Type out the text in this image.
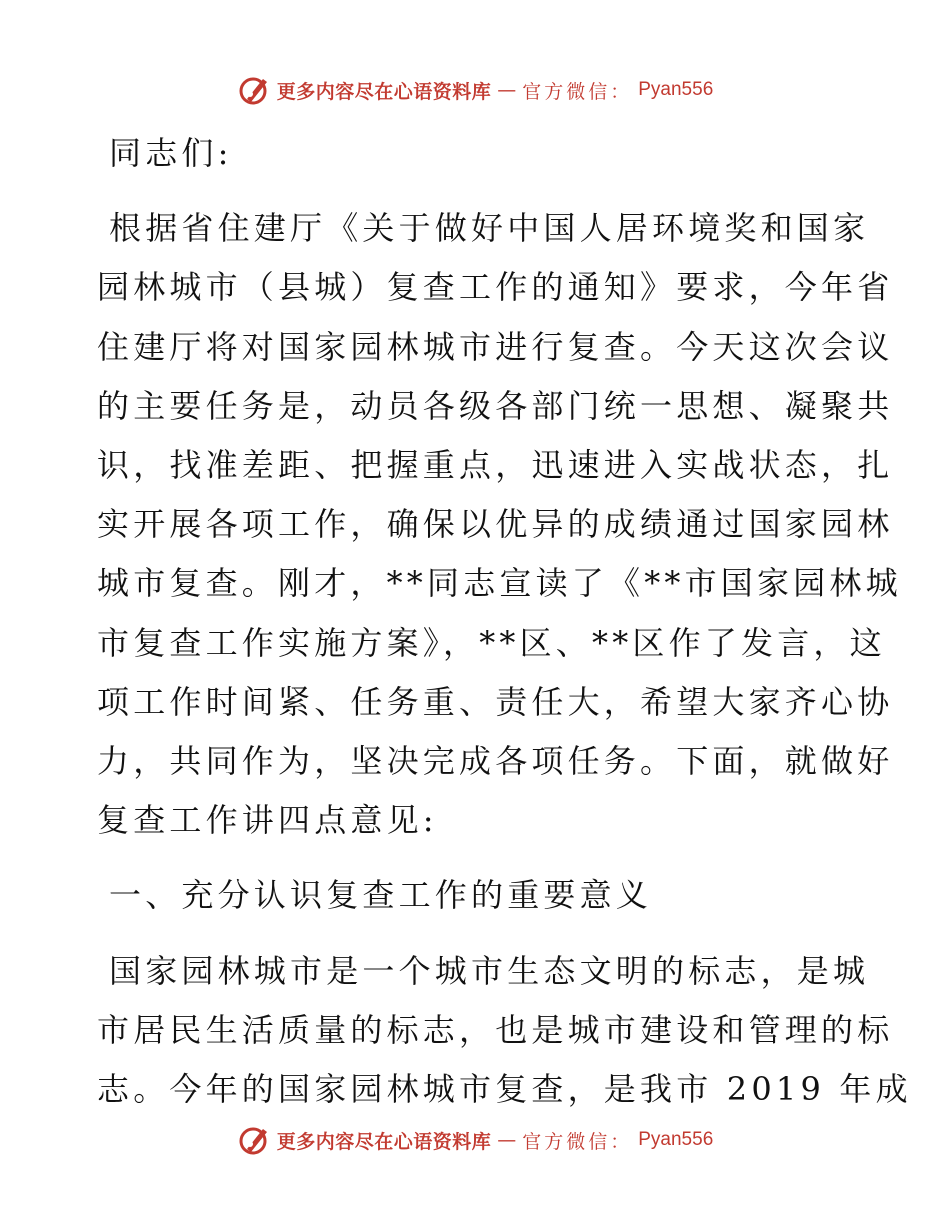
更多内容尽在心语资料库 — 官方微信： Pyan556

同志们:

根据省住建厅《关于做好中国人居环境奖和国家
园林城市（县城）复查工作的通知》要求，今年省
住建厅将对国家园林城市进行复查。今天这次会议
的主要任务是，动员各级各部门统一思想、凝聚共
识，找准差距、把握重点，迅速进入实战状态，扎
实开展各项工作，确保以优异的成绩通过国家园林
城市复查。刚才，**同志宣读了《**市国家园林城
市复查工作实施方案》，**区、**区作了发言，这
项工作时间紧、任务重、责任大，希望大家齐心协
力，共同作为，坚决完成各项任务。下面，就做好
复查工作讲四点意见:

一、充分认识复查工作的重要意义

国家园林城市是一个城市生态文明的标志，是城
市居民生活质量的标志，也是城市建设和管理的标
志。今年的国家园林城市复查，是我市 2019 年成

更多内容尽在心语资料库 — 官方微信： Pyan556
